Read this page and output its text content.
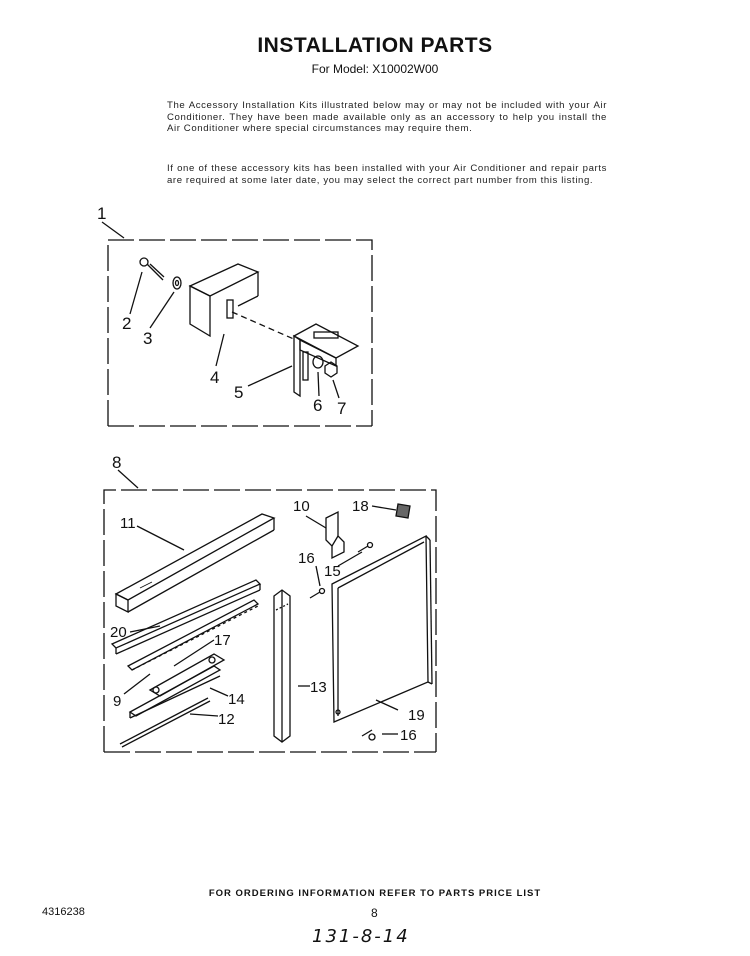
INSTALLATION PARTS
For Model: X10002W00
The Accessory Installation Kits illustrated below may or may not be included with your Air Conditioner. They have been made available only as an accessory to help you install the Air Conditioner where special circumstances may require them.
If one of these accessory kits has been installed with your Air Conditioner and repair parts are required at some later date, you may select the correct part number from this listing.
1
2
3
4
5
6 7
8
9
10
11
12
13
14
15
16
17
18
19
20
16
FOR ORDERING INFORMATION REFER TO PARTS PRICE LIST
4316238	8
131-8-14
